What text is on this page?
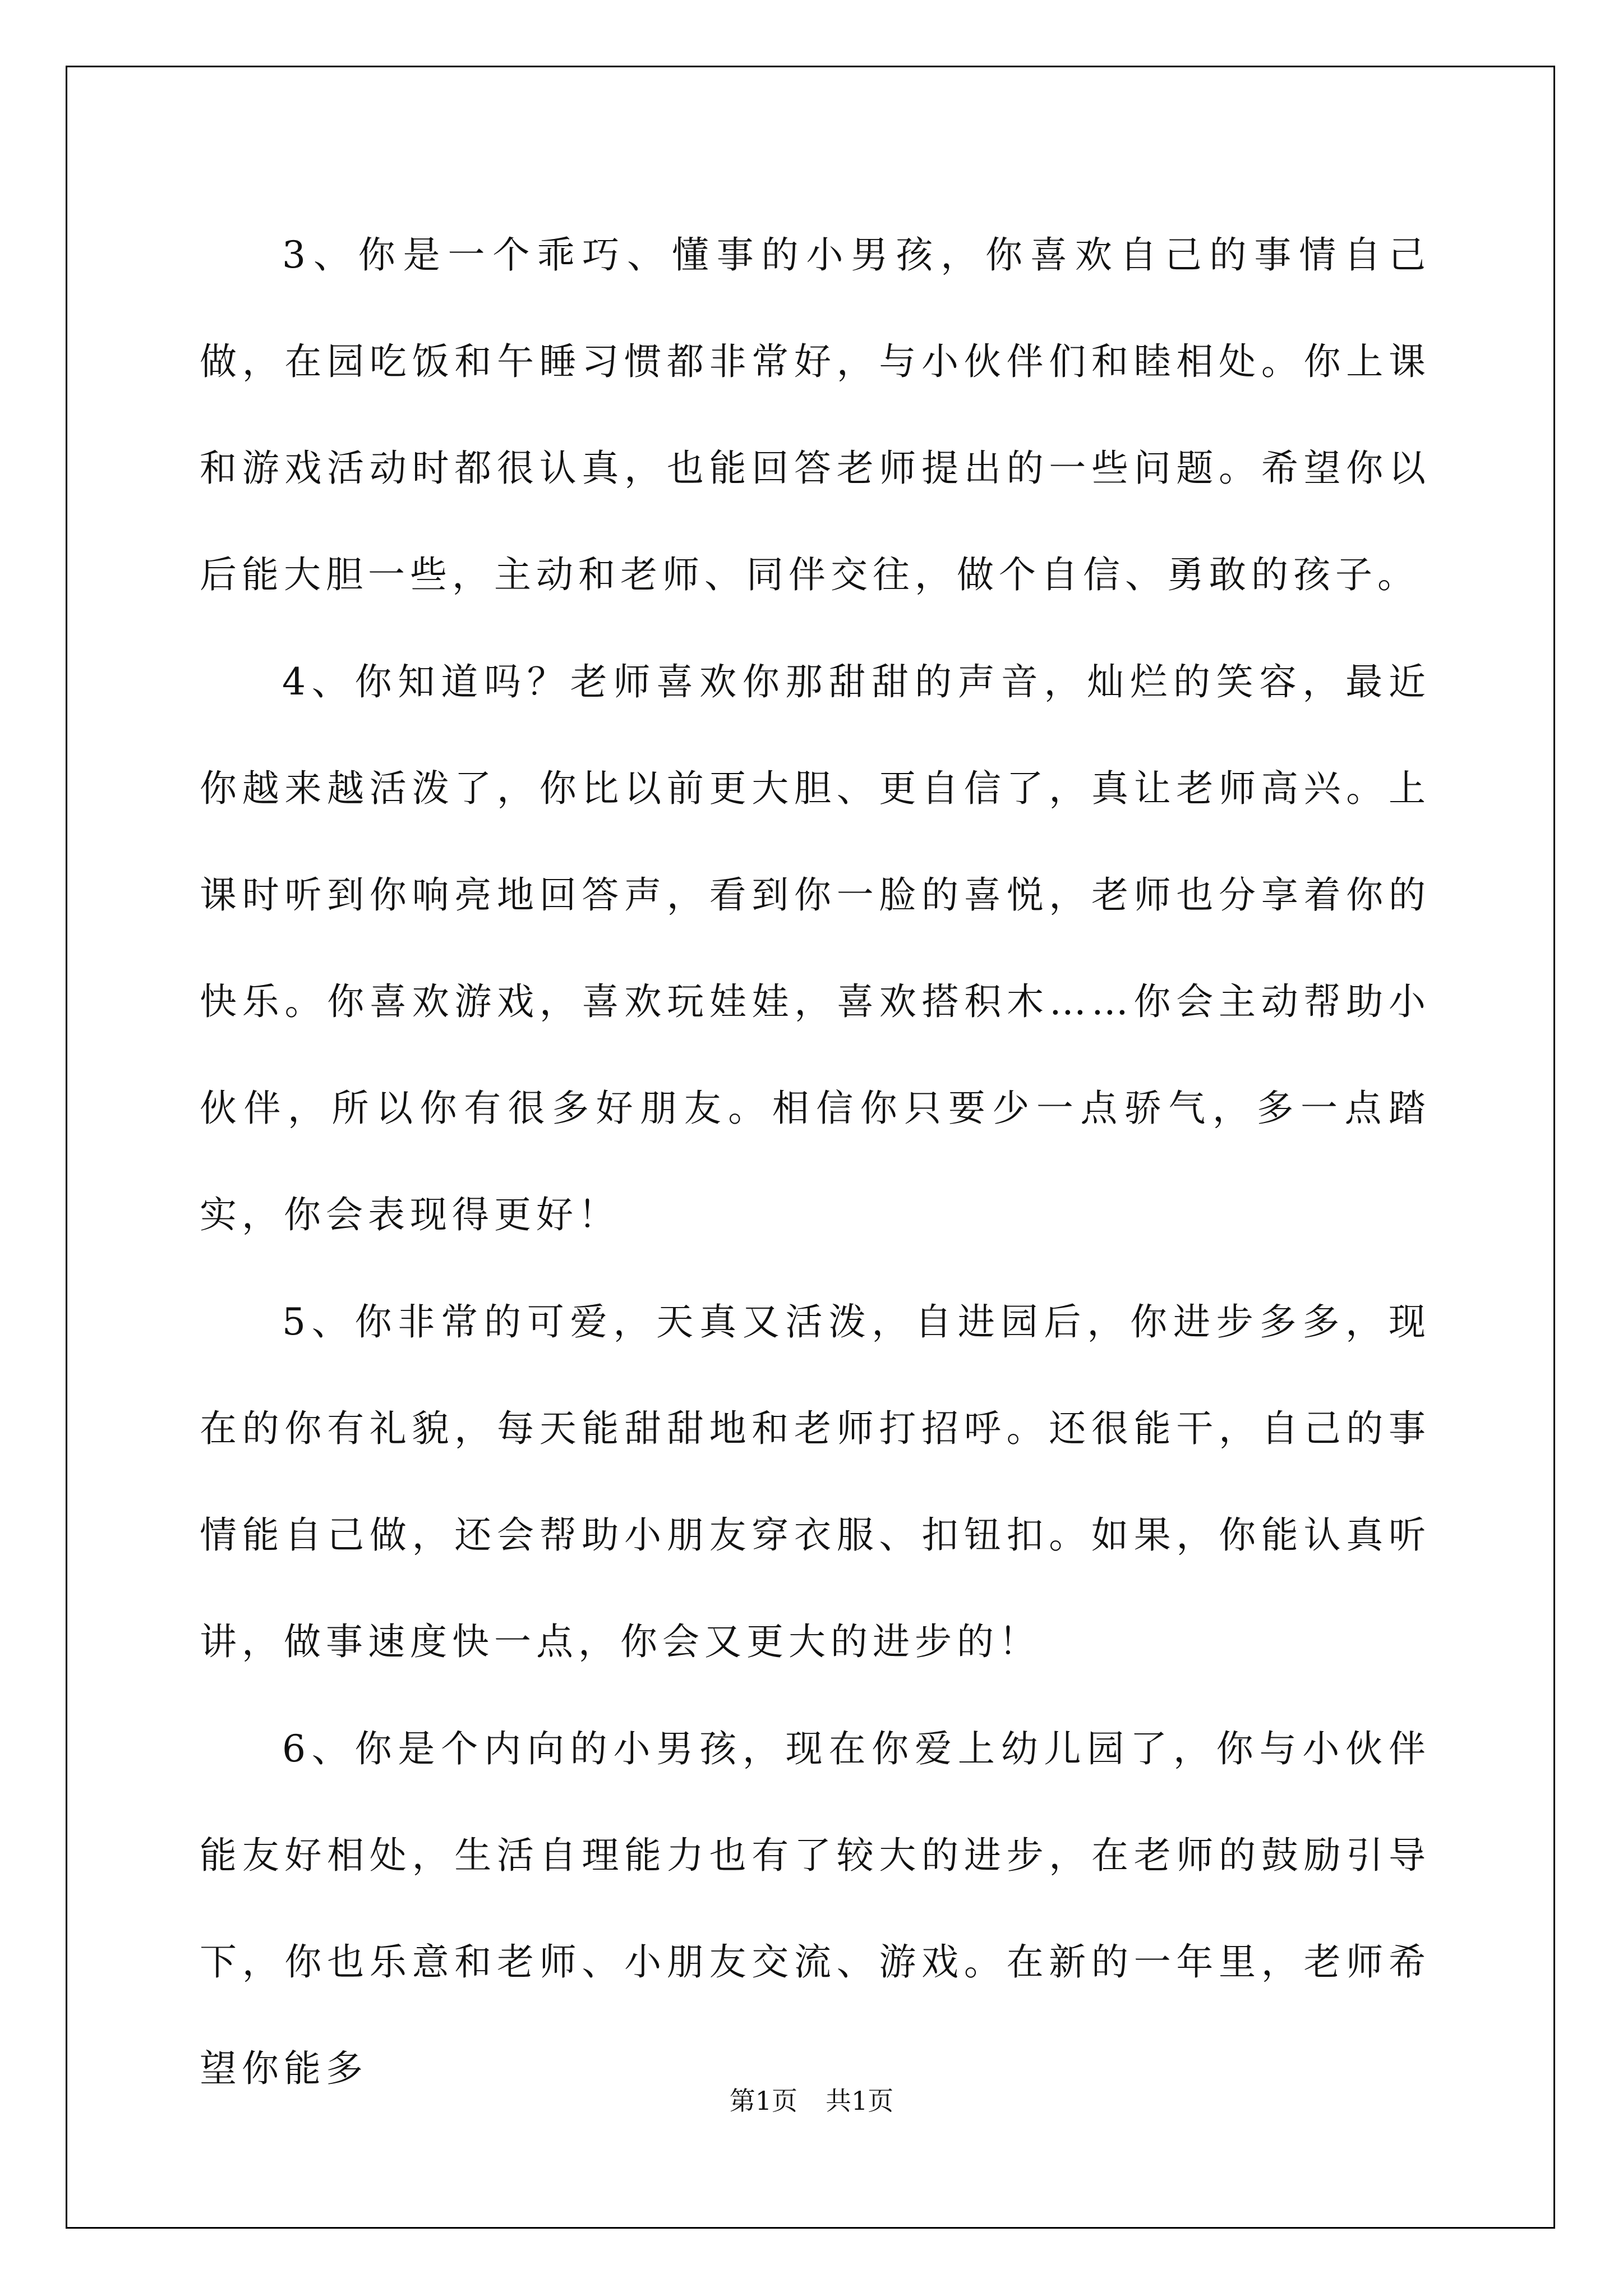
3、你是一个乖巧、懂事的小男孩，你喜欢自己的事情自己做，在园吃饭和午睡习惯都非常好，与小伙伴们和睦相处。你上课和游戏活动时都很认真，也能回答老师提出的一些问题。希望你以后能大胆一些，主动和老师、同伴交往，做个自信、勇敢的孩子。

4、你知道吗？老师喜欢你那甜甜的声音，灿烂的笑容，最近你越来越活泼了，你比以前更大胆、更自信了，真让老师高兴。上课时听到你响亮地回答声，看到你一脸的喜悦，老师也分享着你的快乐。你喜欢游戏，喜欢玩娃娃，喜欢搭积木……你会主动帮助小伙伴，所以你有很多好朋友。相信你只要少一点骄气，多一点踏实，你会表现得更好！

5、你非常的可爱，天真又活泼，自进园后，你进步多多，现在的你有礼貌，每天能甜甜地和老师打招呼。还很能干，自己的事情能自己做，还会帮助小朋友穿衣服、扣钮扣。如果，你能认真听讲，做事速度快一点，你会又更大的进步的！

6、你是个内向的小男孩，现在你爱上幼儿园了，你与小伙伴能友好相处，生活自理能力也有了较大的进步，在老师的鼓励引导下，你也乐意和老师、小朋友交流、游戏。在新的一年里，老师希望你能多

第1页 共1页
